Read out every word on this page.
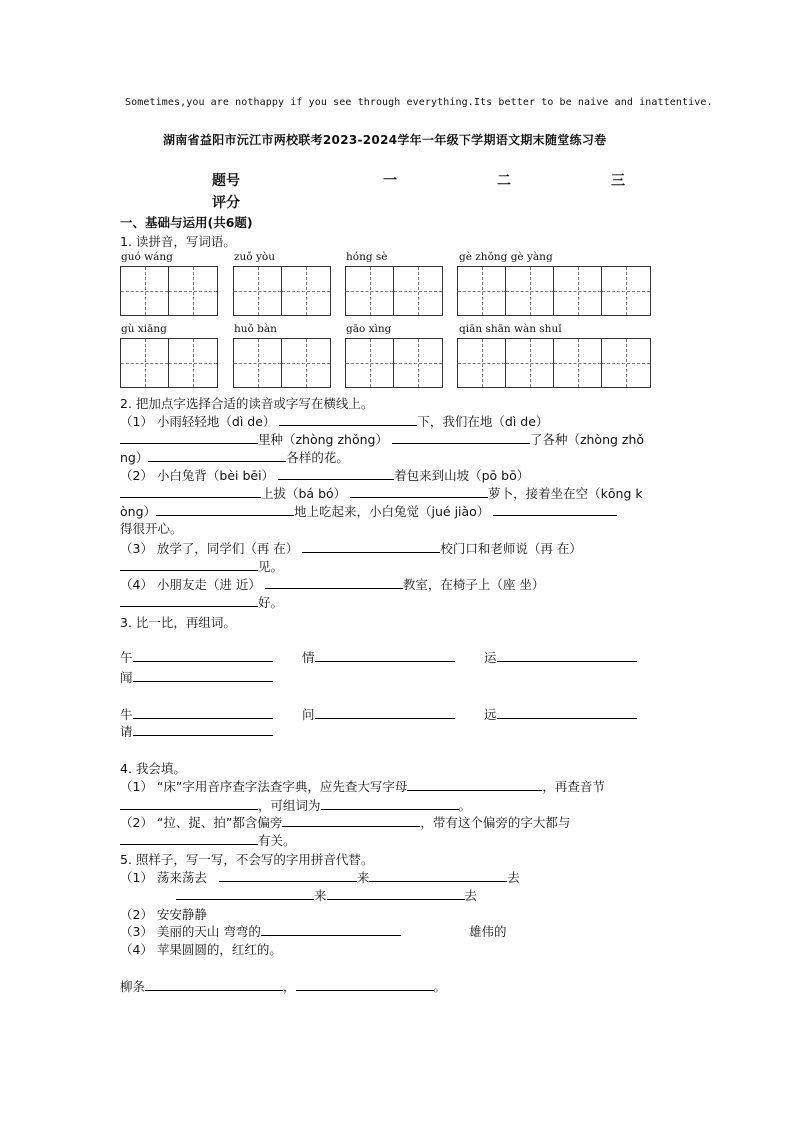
Sometimes,you are nothappy if you see through everything.Its better to be naive and inattentive.
湖南省益阳市沅江市两校联考2023-2024学年一年级下学期语文期末随堂练习卷
题号	一	二	三
评分
一、基础与运用(共6题)
1. 读拼音，写词语。
guó wáng	zuǒ yòu	hóng sè	gè zhǒng gè yàng
gù xiāng	huǒ bàn	gāo xìng	qiān shān wàn shuǐ
2. 把加点字选择合适的读音或字写在横线上。
（1） 小雨轻轻地（dì de）	下，我们在地（dì de）
里种（zhòng zhǒng）	了各种（zhòng zhǒ
ng）	各样的花。
（2） 小白兔背（bèi bēi）	着包来到山坡（pō bō）
上拔（bá bó）	萝卜，接着坐在空（kōng k
òng）	地上吃起来，小白兔觉（jué jiào）
得很开心。
（3） 放学了，同学们（再 在）	校门口和老师说（再 在）
见。
（4） 小朋友走（进 近）	教室，在椅子上（座 坐）
好。
3. 比一比，再组词。
午	情	运
闻
牛	问	远
请
4. 我会填。
（1） “床”字用音序查字法查字典，应先查大写字母	，再查音节
，可组词为	。
（2） “拉、捉、拍”都含偏旁	，带有这个偏旁的字大都与
有关。
5. 照样子，写一写，不会写的字用拼音代替。
（1） 荡来荡去	来	去
来	去
（2） 安安静静
（3） 美丽的天山 弯弯的	雄伟的
（4） 苹果圆圆的，红红的。
柳条	，	。
